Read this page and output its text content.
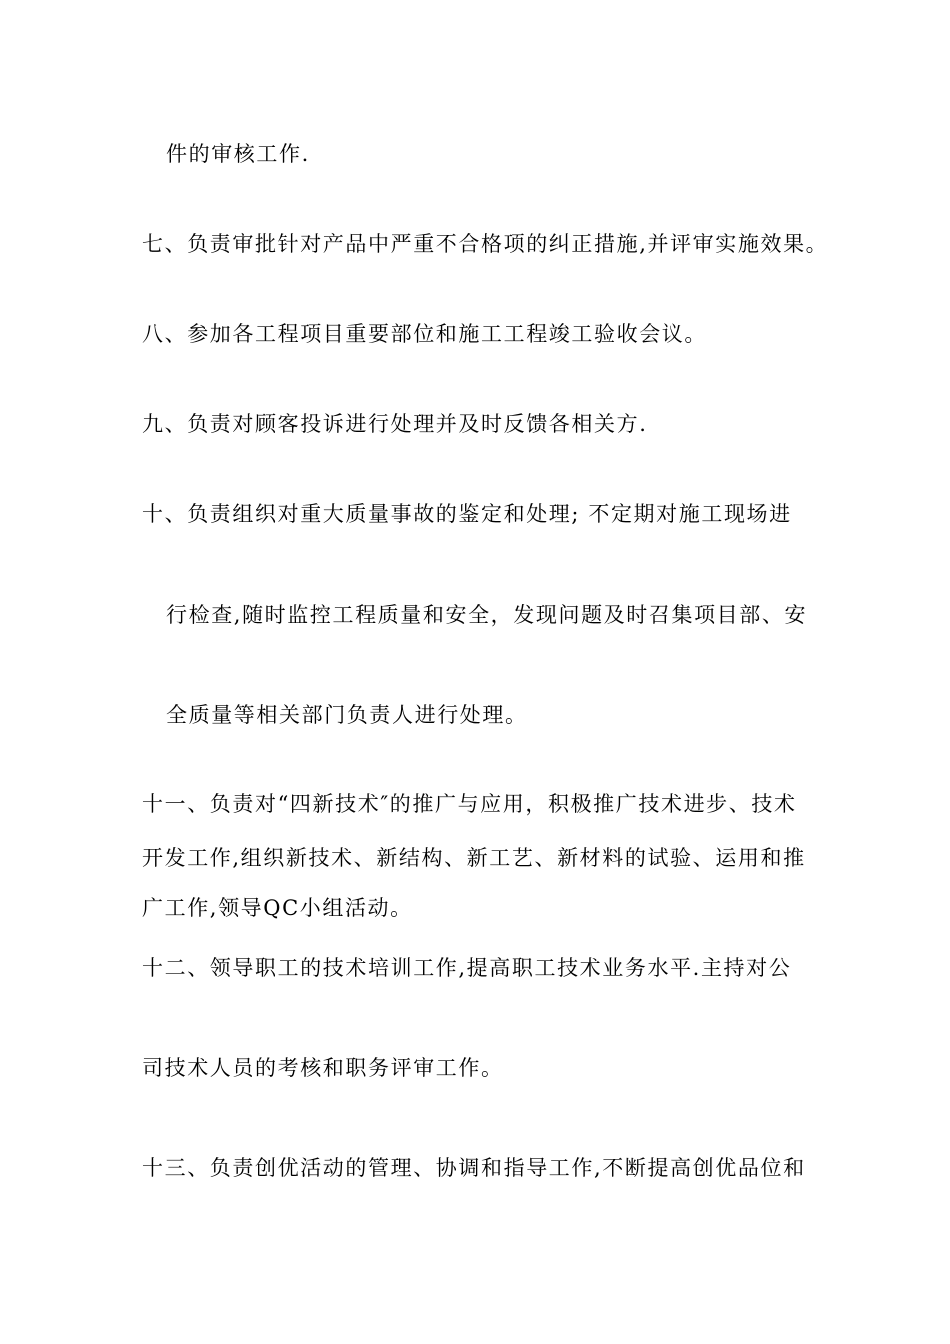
件的审核工作.

七、负责审批针对产品中严重不合格项的纠正措施,并评审实施效果。

八、参加各工程项目重要部位和施工工程竣工验收会议。

九、负责对顾客投诉进行处理并及时反馈各相关方.

十、负责组织对重大质量事故的鉴定和处理; 不定期对施工现场进

行检查,随时监控工程质量和安全，发现问题及时召集项目部、安

全质量等相关部门负责人进行处理。

十一、负责对“四新技术″的推广与应用，积极推广技术进步、技术

开发工作,组织新技术、新结构、新工艺、新材料的试验、运用和推

广工作,领导QC小组活动。

十二、领导职工的技术培训工作,提高职工技术业务水平.主持对公

司技术人员的考核和职务评审工作。

十三、负责创优活动的管理、协调和指导工作,不断提高创优品位和
